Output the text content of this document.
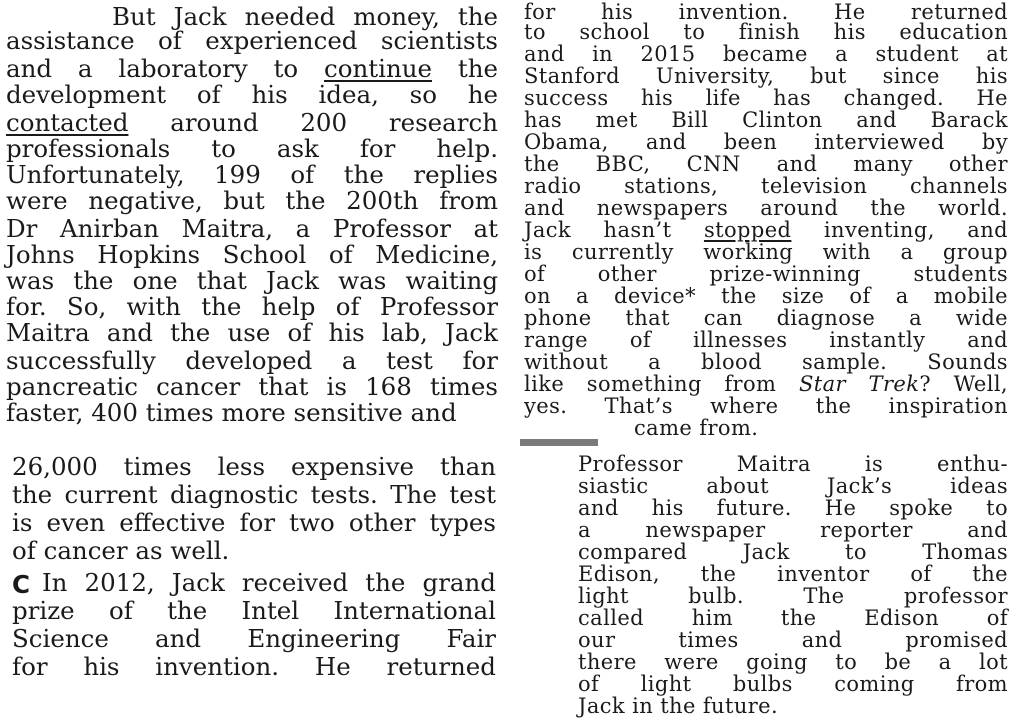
But Jack needed money, the
assistance of experienced scientists
and a laboratory to continue the
development of his idea, so he
contacted around 200 research
professionals to ask for help.
Unfortunately, 199 of the replies
were negative, but the 200th from
Dr Anirban Maitra, a Professor at
Johns Hopkins School of Medicine,
was the one that Jack was waiting
for. So, with the help of Professor
Maitra and the use of his lab, Jack
successfully developed a test for
pancreatic cancer that is 168 times
faster, 400 times more sensitive and
26,000 times less expensive than
the current diagnostic tests. The test
is even effective for two other types
of cancer as well.
C In 2012, Jack received the grand
prize of the Intel International
Science and Engineering Fair
for his invention. He returned
for his invention. He returned
to school to finish his education
and in 2015 became a student at
Stanford University, but since his
success his life has changed. He
has met Bill Clinton and Barack
Obama, and been interviewed by
the BBC, CNN and many other
radio stations, television channels
and newspapers around the world.
Jack hasn’t stopped inventing, and
is currently working with a group
of other prize-winning students
on a device* the size of a mobile
phone that can diagnose a wide
range of illnesses instantly and
without a blood sample. Sounds
like something from Star Trek? Well,
yes. That’s where the inspiration
came from.
Professor Maitra is enthu-
siastic about Jack’s ideas
and his future. He spoke to
a newspaper reporter and
compared Jack to Thomas
Edison, the inventor of the
light bulb. The professor
called him the Edison of
our times and promised
there were going to be a lot
of light bulbs coming from
Jack in the future.
